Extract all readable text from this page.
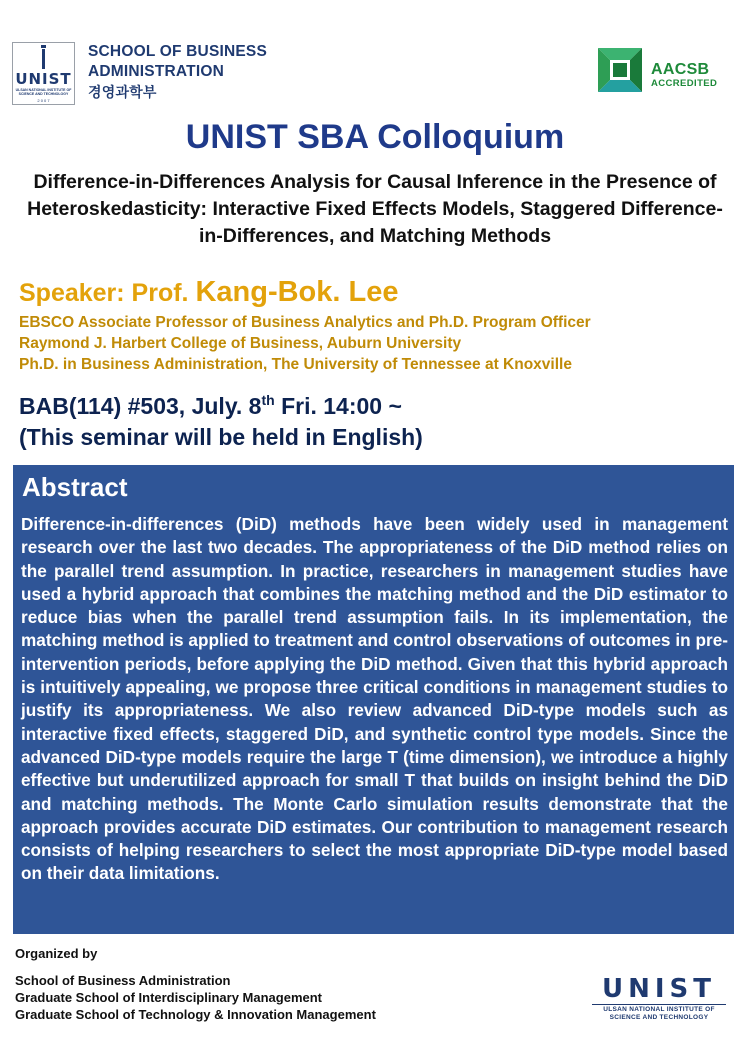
UNIST
ULSAN NATIONAL INSTITUTE OF SCIENCE AND TECHNOLOGY
2 0 0 7
SCHOOL OF BUSINESS
ADMINISTRATION
경영과학부
AACSB
ACCREDITED
UNIST SBA Colloquium
Difference-in-Differences Analysis for Causal Inference in the Presence of Heteroskedasticity: Interactive Fixed Effects Models, Staggered Difference-in-Differences, and Matching Methods
Speaker: Prof. Kang-Bok. Lee
EBSCO Associate Professor of Business Analytics and Ph.D. Program Officer
Raymond J. Harbert College of Business, Auburn University
Ph.D. in Business Administration, The University of Tennessee at Knoxville
BAB(114) #503, July. 8th Fri. 14:00 ~
(This seminar will be held in English)
Abstract

Difference-in-differences (DiD) methods have been widely used in management research over the last two decades. The appropriateness of the DiD method relies on the parallel trend assumption. In practice, researchers in management studies have used a hybrid approach that combines the matching method and the DiD estimator to reduce bias when the parallel trend assumption fails. In its implementation, the matching method is applied to treatment and control observations of outcomes in pre-intervention periods, before applying the DiD method. Given that this hybrid approach is intuitively appealing, we propose three critical conditions in management studies to justify its appropriateness. We also review advanced DiD-type models such as interactive fixed effects, staggered DiD, and synthetic control type models. Since the advanced DiD-type models require the large T (time dimension), we introduce a highly effective but underutilized approach for small T that builds on insight behind the DiD and matching methods. The Monte Carlo simulation results demonstrate that the approach provides accurate DiD estimates. Our contribution to management research consists of helping researchers to select the most appropriate DiD-type model based on their data limitations.

Organized by
School of Business Administration
Graduate School of Interdisciplinary Management
Graduate School of Technology & Innovation Management
UNIST
ULSAN NATIONAL INSTITUTE OF
SCIENCE AND TECHNOLOGY
